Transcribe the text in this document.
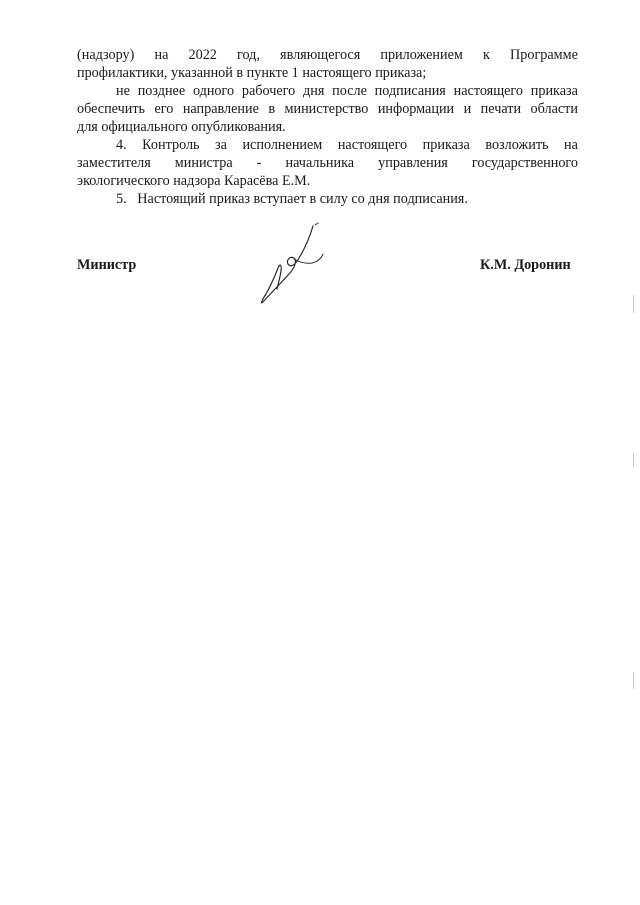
(надзору) на 2022 год, являющегося приложением к Программе
профилактики, указанной в пункте 1 настоящего приказа;
не позднее одного рабочего дня после подписания настоящего приказа
обеспечить его направление в министерство информации и печати области
для официального опубликования.
4. Контроль за исполнением настоящего приказа возложить на
заместителя министра - начальника управления государственного
экологического надзора Карасёва Е.М.
5.   Настоящий приказ вступает в силу со дня подписания.
Министр	К.М. Доронин
